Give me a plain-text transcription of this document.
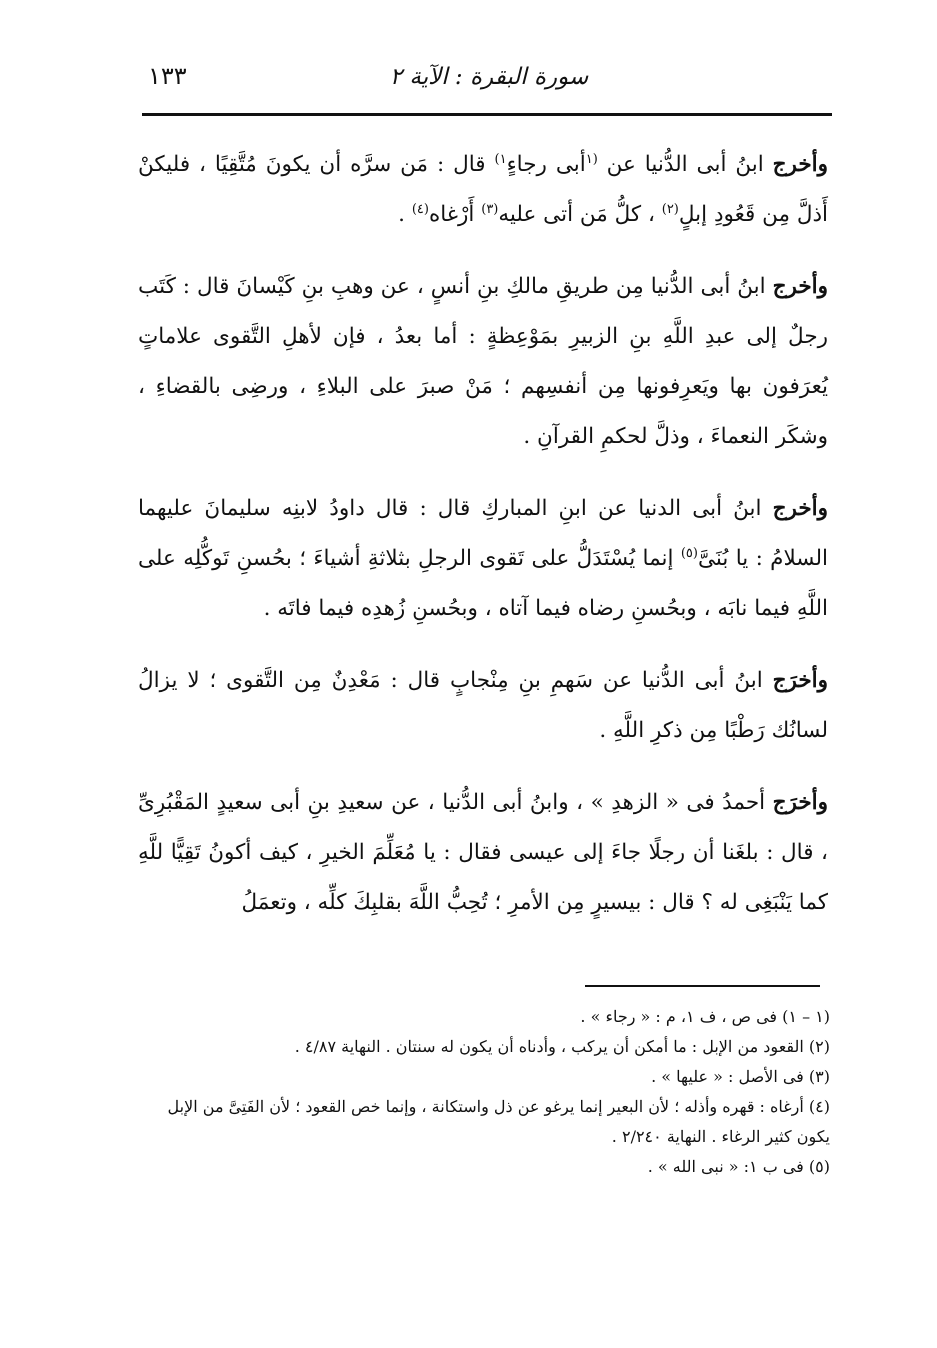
١٣٣	سورة البقرة : الآية ٢

وأخرج ابنُ أبى الدُّنيا عن $^{(١}$أبى رجاءٍ$^{١)}$ قال : مَن سرَّه أن يكونَ مُتَّقِيًا ، فليكنْ أَذلَّ مِن قَعُودِ إبلٍ$^{(٢)}$ ، كلُّ مَن أتى عليه$^{(٣)}$ أَرْغاه$^{(٤)}$ .

وأخرج ابنُ أبى الدُّنيا مِن طريقِ مالكِ بنِ أنسٍ ، عن وهبِ بنِ كَيْسانَ قال : كَتَب رجلٌ إلى عبدِ اللَّهِ بنِ الزبيرِ بمَوْعِظةٍ : أما بعدُ ، فإن لأهلِ التَّقوى علاماتٍ يُعرَفون بها ويَعرِفونها مِن أنفسِهم ؛ مَنْ صبرَ على البلاءِ ، ورضِى بالقضاءِ ، وشكَر النعماءَ ، وذلَّ لحكمِ القرآنِ .

وأخرج ابنُ أبى الدنيا عن ابنِ المباركِ قال : قال داودُ لابنِه سليمانَ عليهما السلامُ : يا بُنَىَّ$^{(٥)}$ إنما يُسْتَدَلُّ على تَقوى الرجلِ بثلاثةِ أشياءَ ؛ بحُسنِ تَوكُّلِه على اللَّهِ فيما نابَه ، وبحُسنِ رضاه فيما آتاه ، وبحُسنِ زُهدِه فيما فاتَه .

وأخرَج ابنُ أبى الدُّنيا عن سَهمِ بنِ مِنْجابٍ قال : مَعْدِنٌ مِن التَّقوى ؛ لا يزالُ لسانُك رَطْبًا مِن ذكرِ اللَّهِ .

وأخرَج أحمدُ فى « الزهدِ » ، وابنُ أبى الدُّنيا ، عن سعيدِ بنِ أبى سعيدٍ المَقْبُرِىِّ ، قال : بلغَنا أن رجلًا جاءَ إلى عيسى فقال : يا مُعَلِّمَ الخيرِ ، كيف أكونُ تَقِيًّا للَّهِ كما يَنْبَغِى له ؟ قال : بيسيرٍ مِن الأمرِ ؛ تُحِبُّ اللَّهَ بقلبِكَ كلِّه ، وتعمَلُ

(١ – ١) فى ص ، ف ١، م : « رجاء » .

(٢) القعود من الإبل : ما أمكن أن يركب ، وأدناه أن يكون له سنتان . النهاية ٤/٨٧ .

(٣) فى الأصل : « عليها » .

(٤) أرغاه : قهره وأذله ؛ لأن البعير إنما يرغو عن ذل واستكانة ، وإنما خص القعود ؛ لأن الفَتِىَّ من الإبل يكون كثير الرغاء . النهاية ٢/٢٤٠ .

(٥) فى ب ١: « نبى الله » .
